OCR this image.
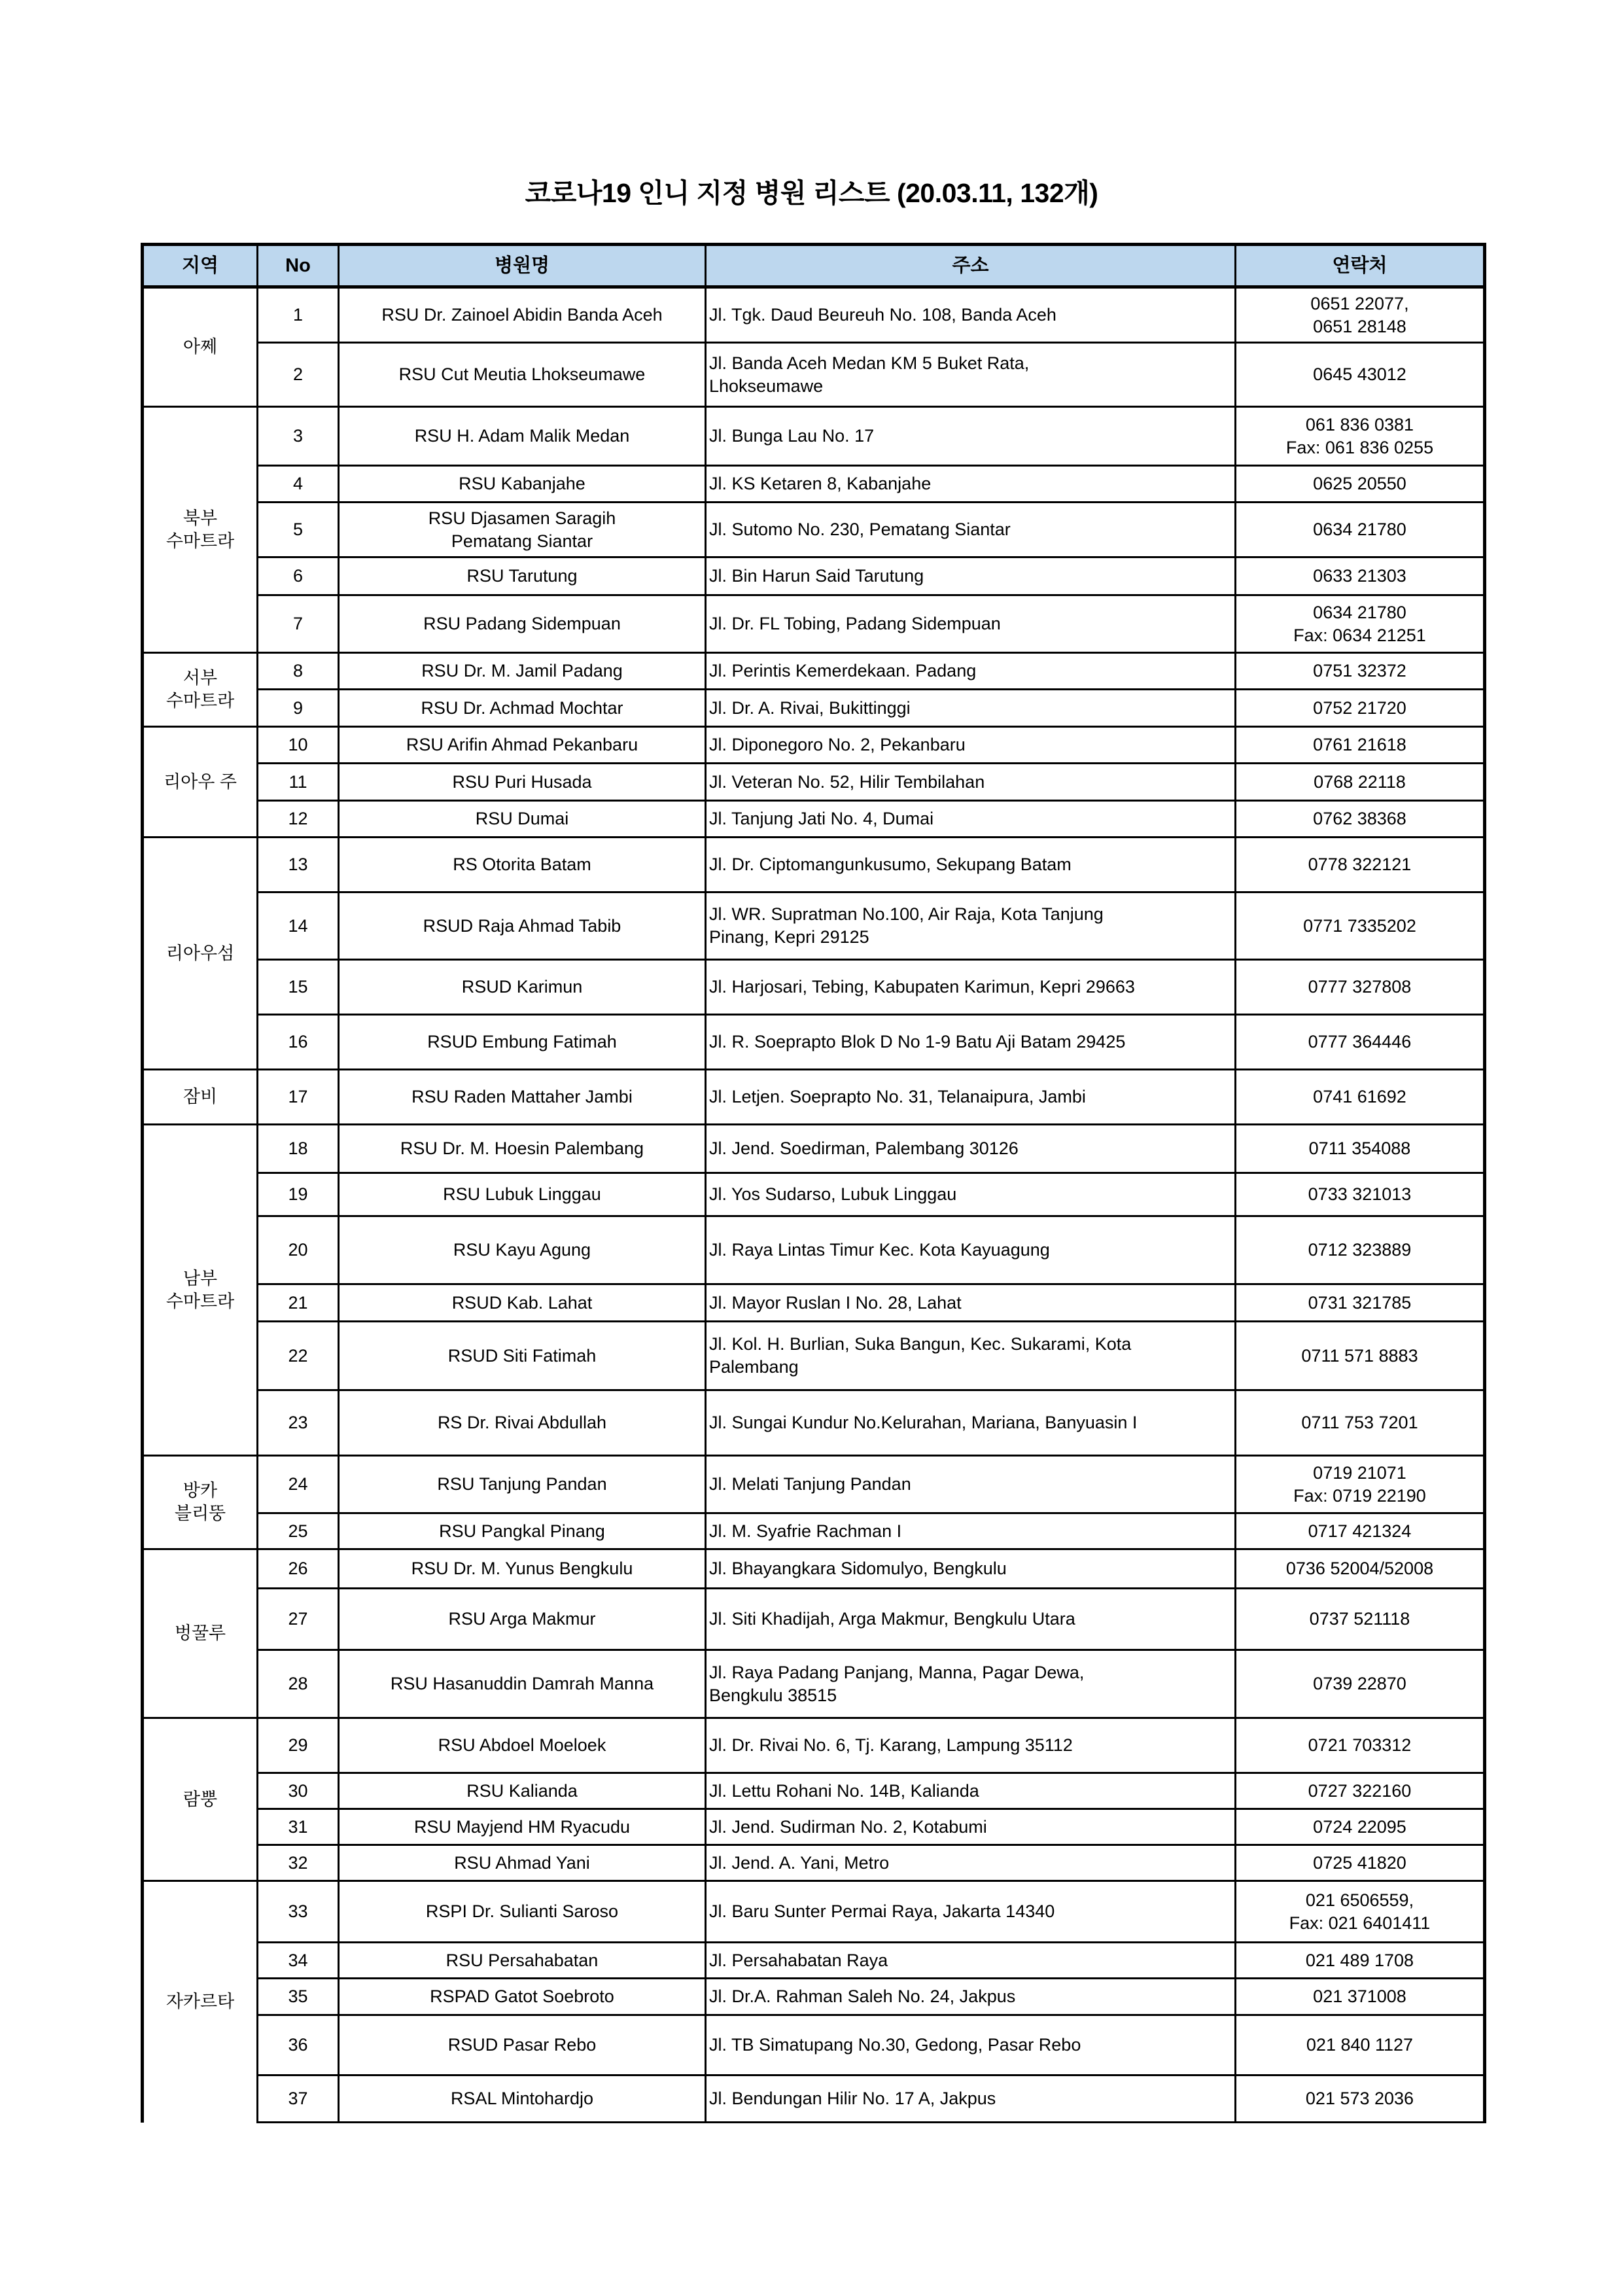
코로나19 인니 지정 병원 리스트 (20.03.11, 132개)
지역	No	병원명	주소	연락처
아쩨	1	RSU Dr. Zainoel Abidin Banda Aceh	Jl. Tgk. Daud Beureuh No. 108, Banda Aceh	0651 22077,
0651 28148
	2	RSU Cut Meutia Lhokseumawe	Jl. Banda Aceh Medan KM 5 Buket Rata,
Lhokseumawe	0645 43012
북부
수마트라	3	RSU H. Adam Malik Medan	Jl. Bunga Lau No. 17	061 836 0381
Fax: 061 836 0255
	4	RSU Kabanjahe	Jl. KS Ketaren 8, Kabanjahe	0625 20550
	5	RSU Djasamen Saragih
Pematang Siantar	Jl. Sutomo No. 230, Pematang Siantar	0634 21780
	6	RSU Tarutung	Jl. Bin Harun Said Tarutung	0633 21303
	7	RSU Padang Sidempuan	Jl. Dr. FL Tobing, Padang Sidempuan	0634 21780
Fax: 0634 21251
서부
수마트라	8	RSU Dr. M. Jamil Padang	Jl. Perintis Kemerdekaan. Padang	0751 32372
	9	RSU Dr. Achmad Mochtar	Jl. Dr. A. Rivai, Bukittinggi	0752 21720
리아우 주	10	RSU Arifin Ahmad Pekanbaru	Jl. Diponegoro No. 2, Pekanbaru	0761 21618
	11	RSU Puri Husada	Jl. Veteran No. 52, Hilir Tembilahan	0768 22118
	12	RSU Dumai	Jl. Tanjung Jati No. 4, Dumai	0762 38368
리아우섬	13	RS Otorita Batam	Jl. Dr. Ciptomangunkusumo, Sekupang Batam	0778 322121
	14	RSUD Raja Ahmad Tabib	Jl. WR. Supratman No.100, Air Raja, Kota Tanjung
Pinang, Kepri 29125	0771 7335202
	15	RSUD Karimun	Jl. Harjosari, Tebing, Kabupaten Karimun, Kepri 29663	0777 327808
	16	RSUD Embung Fatimah	Jl. R. Soeprapto Blok D No 1-9 Batu Aji Batam 29425	0777 364446
잠비	17	RSU Raden Mattaher Jambi	Jl. Letjen. Soeprapto No. 31, Telanaipura, Jambi	0741 61692
남부
수마트라	18	RSU Dr. M. Hoesin Palembang	Jl. Jend. Soedirman, Palembang 30126	0711 354088
	19	RSU Lubuk Linggau	Jl. Yos Sudarso, Lubuk Linggau	0733 321013
	20	RSU Kayu Agung	Jl. Raya Lintas Timur Kec. Kota Kayuagung	0712 323889
	21	RSUD Kab. Lahat	Jl. Mayor Ruslan I No. 28, Lahat	0731 321785
	22	RSUD Siti Fatimah	Jl. Kol. H. Burlian, Suka Bangun, Kec. Sukarami, Kota
Palembang	0711 571 8883
	23	RS Dr. Rivai Abdullah	Jl. Sungai Kundur No.Kelurahan, Mariana, Banyuasin I	0711 753 7201
방카
블리뚱	24	RSU Tanjung Pandan	Jl. Melati Tanjung Pandan	0719 21071
Fax: 0719 22190
	25	RSU Pangkal Pinang	Jl. M. Syafrie Rachman I	0717 421324
벙꿀루	26	RSU Dr. M. Yunus Bengkulu	Jl. Bhayangkara Sidomulyo, Bengkulu	0736 52004/52008
	27	RSU Arga Makmur	Jl. Siti Khadijah, Arga Makmur, Bengkulu Utara	0737 521118
	28	RSU Hasanuddin Damrah Manna	Jl. Raya Padang Panjang, Manna, Pagar Dewa,
Bengkulu 38515	0739 22870
람뿡	29	RSU Abdoel Moeloek	Jl. Dr. Rivai No. 6, Tj. Karang, Lampung 35112	0721 703312
	30	RSU Kalianda	Jl. Lettu Rohani No. 14B, Kalianda	0727 322160
	31	RSU Mayjend HM Ryacudu	Jl. Jend. Sudirman No. 2, Kotabumi	0724 22095
	32	RSU Ahmad Yani	Jl. Jend. A. Yani, Metro	0725 41820
자카르타	33	RSPI Dr. Sulianti Saroso	Jl. Baru Sunter Permai Raya, Jakarta 14340	021 6506559,
Fax: 021 6401411
	34	RSU Persahabatan	Jl. Persahabatan Raya	021 489 1708
	35	RSPAD Gatot Soebroto	Jl. Dr.A. Rahman Saleh No. 24, Jakpus	021 371008
	36	RSUD Pasar Rebo	Jl. TB Simatupang No.30, Gedong, Pasar Rebo	021 840 1127
	37	RSAL Mintohardjo	Jl. Bendungan Hilir No. 17 A, Jakpus	021 573 2036
